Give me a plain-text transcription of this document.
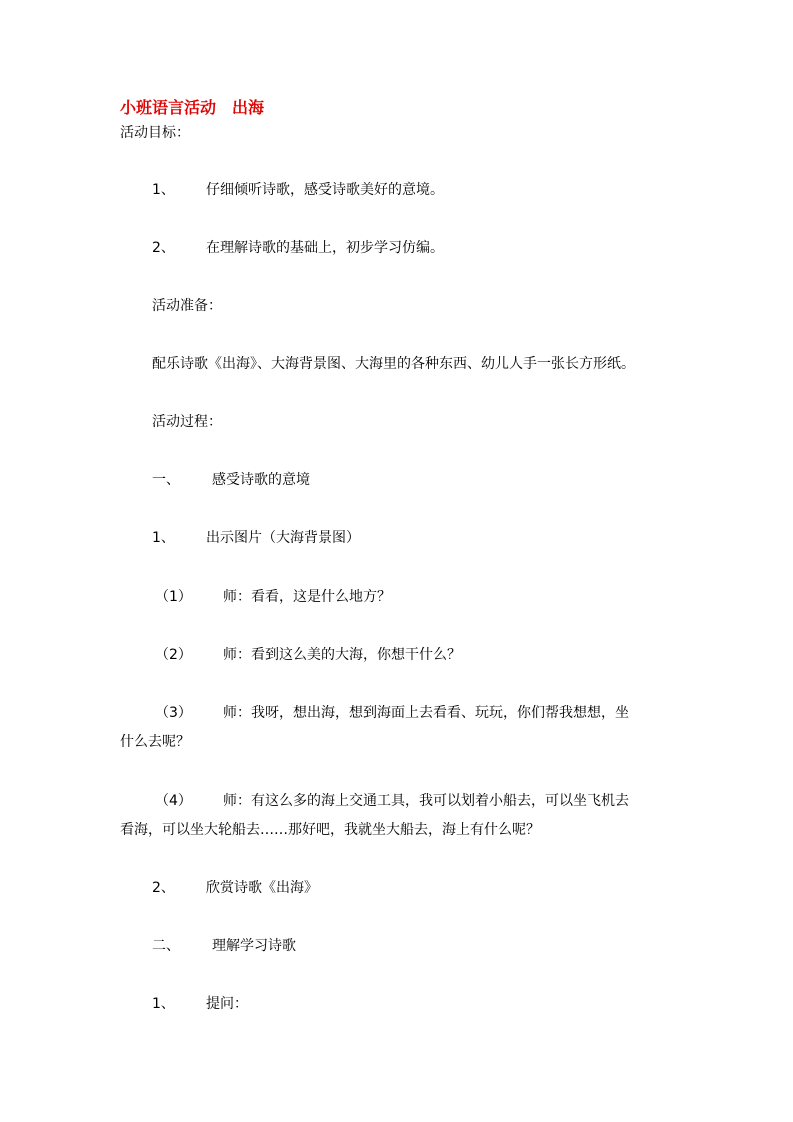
小班语言活动　出海
活动目标：
1、 仔细倾听诗歌，感受诗歌美好的意境。
2、 在理解诗歌的基础上，初步学习仿编。
活动准备：
配乐诗歌《出海》、大海背景图、大海里的各种东西、幼儿人手一张长方形纸。
活动过程：
一、 感受诗歌的意境
1、 出示图片（大海背景图）
（1） 师：看看，这是什么地方？
（2） 师：看到这么美的大海，你想干什么？
（3） 师：我呀，想出海，想到海面上去看看、玩玩，你们帮我想想，坐
什么去呢？
（4） 师：有这么多的海上交通工具，我可以划着小船去，可以坐飞机去
看海，可以坐大轮船去……那好吧，我就坐大船去，海上有什么呢？
2、 欣赏诗歌《出海》
二、 理解学习诗歌
1、 提问：
